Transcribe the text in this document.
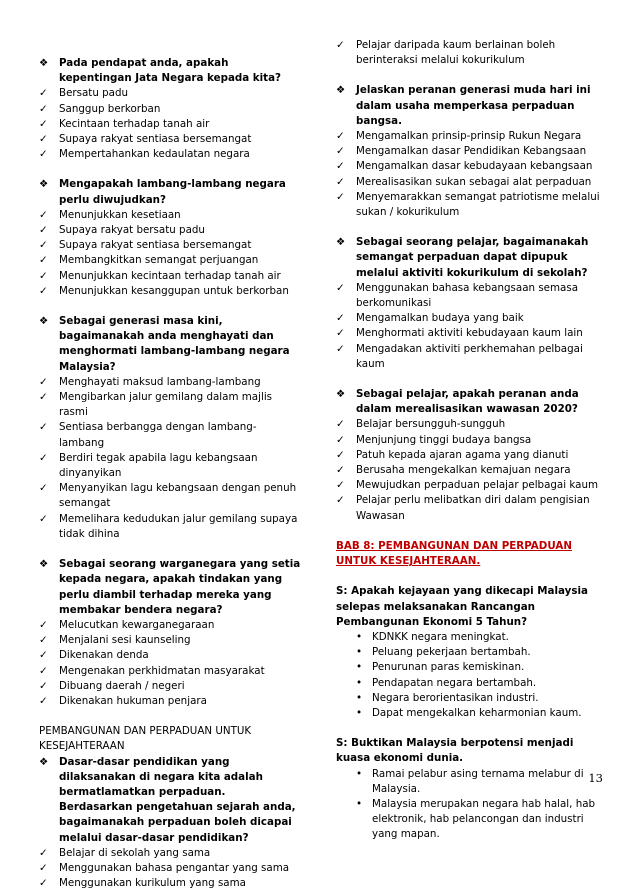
❖	Pada pendapat anda, apakah kepentingan Jata Negara kepada kita?
✓	Bersatu padu
✓	Sanggup berkorban
✓	Kecintaan terhadap tanah air
✓	Supaya rakyat sentiasa bersemangat
✓	Mempertahankan kedaulatan negara
❖	Mengapakah lambang-lambang negara perlu diwujudkan?
✓	Menunjukkan kesetiaan
✓	Supaya rakyat bersatu padu
✓	Supaya rakyat sentiasa bersemangat
✓	Membangkitkan semangat perjuangan
✓	Menunjukkan kecintaan terhadap tanah air
✓	Menunjukkan kesanggupan untuk berkorban
❖	Sebagai generasi masa kini, bagaimanakah anda menghayati dan menghormati lambang-lambang negara Malaysia?
✓	Menghayati maksud lambang-lambang
✓	Mengibarkan jalur gemilang dalam majlis rasmi
✓	Sentiasa berbangga dengan lambang-lambang
✓	Berdiri tegak apabila lagu kebangsaan dinyanyikan
✓	Menyanyikan lagu kebangsaan dengan penuh semangat
✓	Memelihara kedudukan jalur gemilang supaya tidak dihina
❖	Sebagai seorang warganegara yang setia kepada negara, apakah tindakan yang perlu diambil terhadap mereka yang membakar bendera negara?
✓	Melucutkan kewarganegaraan
✓	Menjalani sesi kaunseling
✓	Dikenakan denda
✓	Mengenakan perkhidmatan masyarakat
✓	Dibuang daerah / negeri
✓	Dikenakan hukuman penjara
PEMBANGUNAN DAN PERPADUAN UNTUK KESEJAHTERAAN
❖	Dasar-dasar pendidikan yang dilaksanakan di negara kita adalah bermatlamatkan perpaduan. Berdasarkan pengetahuan sejarah anda, bagaimanakah perpaduan boleh dicapai melalui dasar-dasar pendidikan?
✓	Belajar di sekolah yang sama
✓	Menggunakan bahasa pengantar yang sama
✓	Menggunakan kurikulum yang sama
✓	Pelajar daripada kaum berlainan boleh berinteraksi melalui kokurikulum
❖	Jelaskan peranan generasi muda hari ini dalam usaha memperkasa perpaduan bangsa.
✓	Mengamalkan prinsip-prinsip Rukun Negara
✓	Mengamalkan dasar Pendidikan Kebangsaan
✓	Mengamalkan dasar kebudayaan kebangsaan
✓	Merealisasikan sukan sebagai alat perpaduan
✓	Menyemarakkan semangat patriotisme melalui sukan / kokurikulum
❖	Sebagai seorang pelajar, bagaimanakah semangat perpaduan dapat dipupuk melalui aktiviti kokurikulum di sekolah?
✓	Menggunakan bahasa kebangsaan semasa berkomunikasi
✓	Mengamalkan budaya yang baik
✓	Menghormati aktiviti kebudayaan kaum lain
✓	Mengadakan aktiviti perkhemahan pelbagai kaum
❖	Sebagai pelajar, apakah peranan anda dalam merealisasikan wawasan 2020?
✓	Belajar bersungguh-sungguh
✓	Menjunjung tinggi budaya bangsa
✓	Patuh kepada ajaran agama yang dianuti
✓	Berusaha mengekalkan kemajuan negara
✓	Mewujudkan perpaduan pelajar pelbagai kaum
✓	Pelajar perlu melibatkan diri dalam pengisian Wawasan
BAB 8: PEMBANGUNAN DAN PERPADUAN UNTUK KESEJAHTERAAN.
S: Apakah kejayaan yang dikecapi Malaysia selepas melaksanakan Rancangan Pembangunan Ekonomi 5 Tahun?
• KDNKK negara meningkat.
• Peluang pekerjaan bertambah.
• Penurunan paras kemiskinan.
• Pendapatan negara bertambah.
• Negara berorientasikan industri.
• Dapat mengekalkan keharmonian kaum.
S: Buktikan Malaysia berpotensi menjadi kuasa ekonomi dunia.
• Ramai pelabur asing ternama melabur di Malaysia.
• Malaysia merupakan negara hab halal, hab elektronik, hab pelancongan dan industri yang mapan.
13
